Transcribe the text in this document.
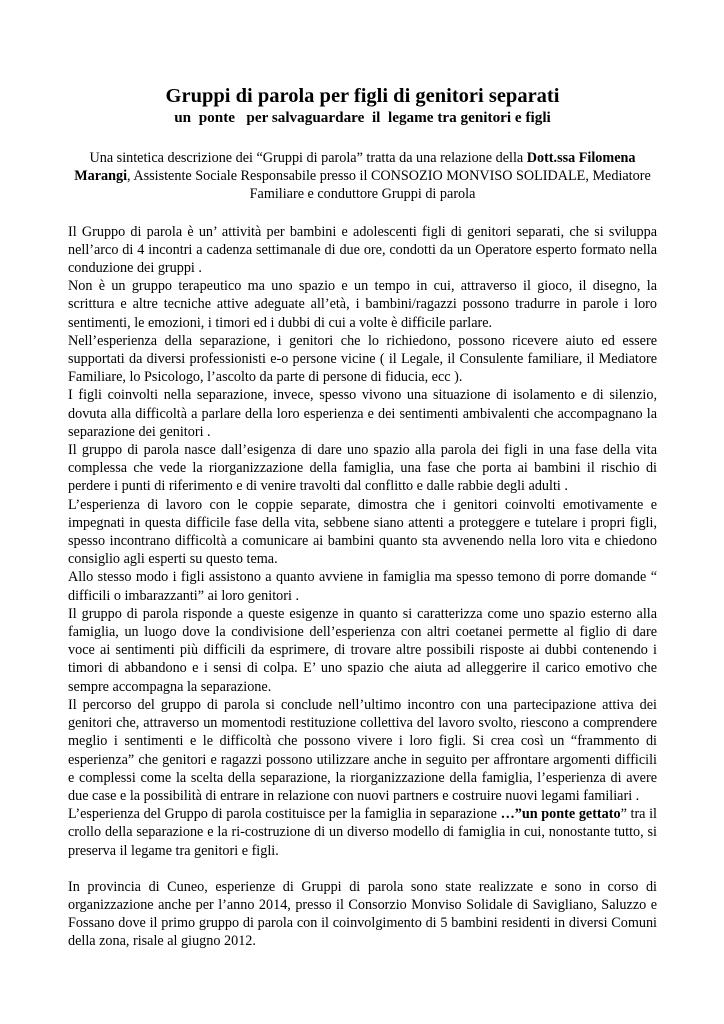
Gruppi di parola per figli di genitori separati
un  ponte   per salvaguardare  il  legame tra genitori e figli

Una sintetica descrizione dei “Gruppi di parola” tratta da una relazione della Dott.ssa Filomena Marangi, Assistente Sociale Responsabile presso il CONSOZIO MONVISO SOLIDALE, Mediatore Familiare e conduttore Gruppi di parola

Il Gruppo di parola è un’ attività per bambini e adolescenti figli di genitori separati, che si sviluppa nell’arco di 4 incontri a cadenza settimanale di due ore, condotti da un Operatore esperto formato nella conduzione dei gruppi .

Non è un gruppo terapeutico ma uno spazio e un tempo in cui, attraverso il gioco, il disegno, la scrittura e altre tecniche attive adeguate all’età, i bambini/ragazzi possono tradurre in parole i loro sentimenti, le emozioni, i timori ed i dubbi di cui a volte è difficile parlare.

Nell’esperienza della separazione, i genitori che lo richiedono, possono ricevere aiuto ed essere supportati da diversi professionisti e-o persone vicine ( il Legale, il Consulente familiare, il Mediatore Familiare, lo Psicologo, l’ascolto da parte di persone di fiducia, ecc ).

I figli coinvolti nella separazione, invece, spesso vivono una situazione di isolamento e di silenzio, dovuta alla difficoltà a parlare della loro esperienza e dei sentimenti ambivalenti che accompagnano la separazione dei genitori .

Il gruppo di parola nasce dall’esigenza di dare uno spazio alla parola dei figli in una fase della vita complessa che vede la riorganizzazione della famiglia, una fase che porta ai bambini il rischio di perdere i punti di riferimento e di venire travolti dal conflitto e dalle rabbie degli adulti .

L’esperienza di lavoro con le coppie separate, dimostra che i genitori coinvolti emotivamente e impegnati in questa difficile fase della vita, sebbene siano attenti a proteggere e tutelare i propri figli, spesso incontrano difficoltà a comunicare ai bambini quanto sta avvenendo nella loro vita e chiedono consiglio agli esperti su questo tema.

Allo stesso modo i figli assistono a quanto avviene in famiglia ma spesso temono di porre domande “ difficili o imbarazzanti” ai loro genitori .

Il gruppo di parola risponde a queste esigenze in quanto si caratterizza come uno spazio esterno alla famiglia, un luogo dove la condivisione dell’esperienza con altri coetanei permette al figlio di dare voce ai sentimenti più difficili da esprimere, di trovare altre possibili risposte ai dubbi contenendo i timori di abbandono e i sensi di colpa. E’ uno spazio che aiuta ad alleggerire il carico emotivo che sempre accompagna la separazione.

Il percorso del gruppo di parola si conclude nell’ultimo incontro con una partecipazione attiva dei genitori che, attraverso un momentodi restituzione collettiva del lavoro svolto, riescono a comprendere meglio i sentimenti e le difficoltà che possono vivere i loro figli. Si crea così un “frammento di esperienza” che genitori e ragazzi possono utilizzare anche in seguito per affrontare argomenti difficili e complessi come la scelta della separazione, la riorganizzazione della famiglia, l’esperienza di avere due case e la possibilità di entrare in relazione con nuovi partners e costruire nuovi legami familiari .

L’esperienza del Gruppo di parola costituisce per la famiglia in separazione …”un ponte gettato” tra il crollo della separazione e la ri-costruzione di un diverso modello di famiglia in cui, nonostante tutto, si preserva il legame tra genitori e figli.

In provincia di Cuneo, esperienze di Gruppi di parola sono state realizzate e sono in corso di organizzazione anche per l’anno 2014, presso il Consorzio Monviso Solidale di Savigliano, Saluzzo e Fossano dove il primo gruppo di parola con il coinvolgimento di 5 bambini residenti in diversi Comuni della zona, risale al giugno 2012.
